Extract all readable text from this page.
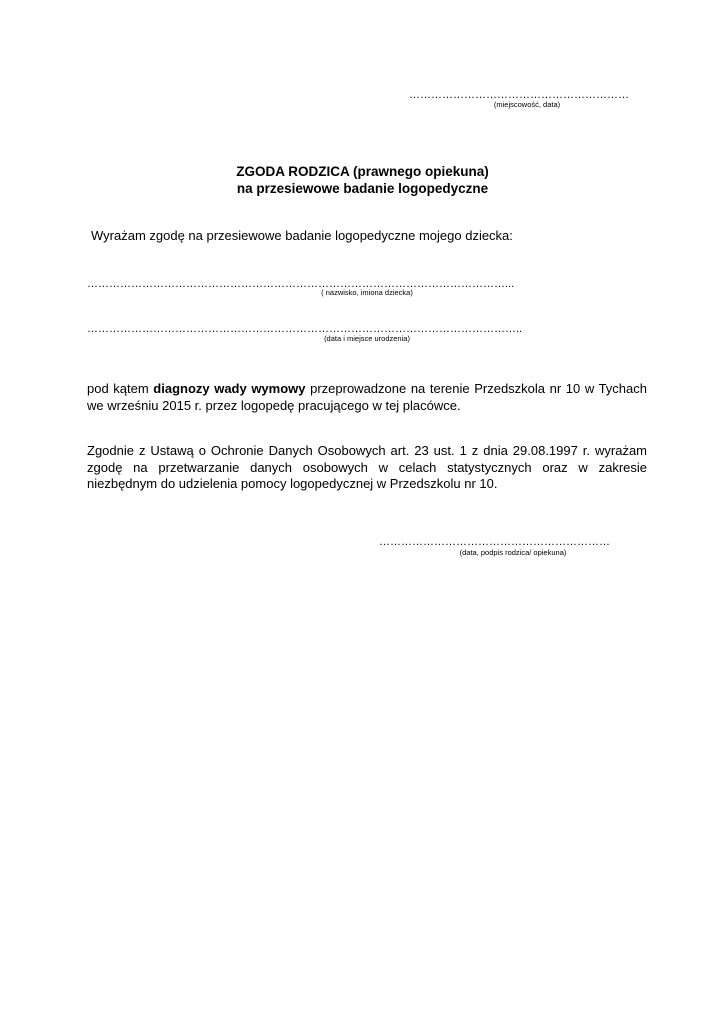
……………………………………………………
(miejscowość, data)
ZGODA RODZICA (prawnego opiekuna)
na przesiewowe badanie logopedyczne
Wyrażam zgodę na przesiewowe badanie logopedyczne mojego dziecka:
……………………………………………………………………………………………………...
( nazwisko, imiona dziecka)
………………………………………………………………………………………………………..
(data i miejsce urodzenia)
pod kątem diagnozy wady wymowy przeprowadzone na terenie Przedszkola nr 10 w Tychach we wrześniu 2015 r. przez logopedę pracującego w tej placówce.
Zgodnie z Ustawą o Ochronie Danych Osobowych art. 23 ust. 1 z dnia 29.08.1997 r. wyrażam zgodę na przetwarzanie danych osobowych w celach statystycznych oraz w zakresie niezbędnym do udzielenia pomocy logopedycznej w Przedszkolu nr 10.
………………………………………………………
(data, podpis rodzica/ opiekuna)
